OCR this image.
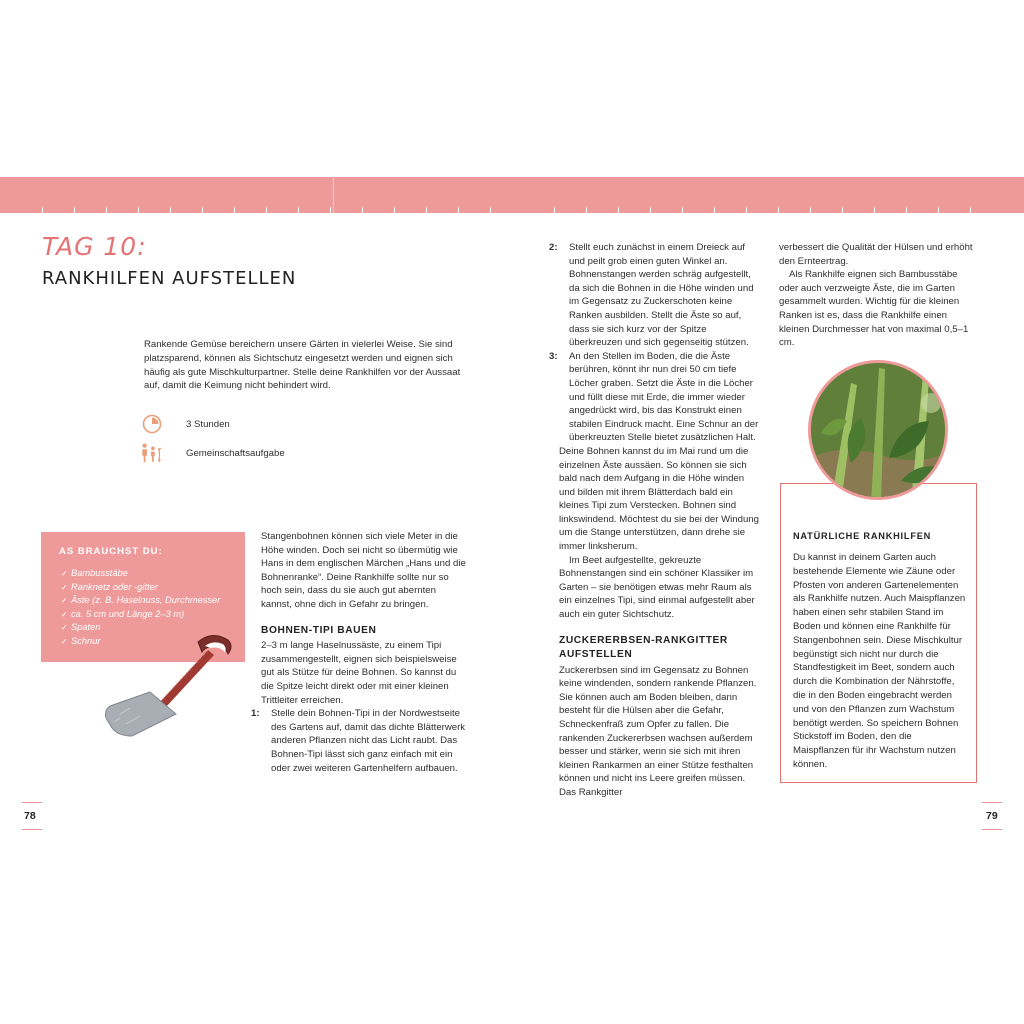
TAG 10:
RANKHILFEN AUFSTELLEN
Rankende Gemüse bereichern unsere Gärten in vielerlei Weise. Sie sind platzsparend, können als Sichtschutz eingesetzt werden und eignen sich häufig als gute Mischkulturpartner. Stelle deine Rankhilfen vor der Aussaat auf, damit die Keimung nicht behindert wird.
3 Stunden
Gemeinschaftsaufgabe
AS BRAUCHST DU:
✓ Bambusstäbe
✓ Ranknetz oder -gitter
✓ Äste (z. B. Haselnuss, Durchmesser
✓ ca. 5 cm und Länge 2–3 m)
✓ Spaten
✓ Schnur

Stangenbohnen können sich viele Meter in die Höhe winden. Doch sei nicht so übermütig wie Hans in dem englischen Märchen „Hans und die Bohnenranke“. Deine Rankhilfe sollte nur so hoch sein, dass du sie auch gut abernten kannst, ohne dich in Gefahr zu bringen.

BOHNEN-TIPI BAUEN

2–3 m lange Haselnussäste, zu einem Tipi zusammengestellt, eignen sich beispielsweise gut als Stütze für deine Bohnen. So kannst du die Spitze leicht direkt oder mit einer kleinen Trittleiter erreichen.

1: Stelle dein Bohnen-Tipi in der Nordwestseite des Gartens auf, damit das dichte Blätterwerk anderen Pflanzen nicht das Licht raubt. Das Bohnen-Tipi lässt sich ganz einfach mit ein oder zwei weiteren Gartenhelfern aufbauen.

78

2: Stellt euch zunächst in einem Dreieck auf und peilt grob einen guten Winkel an. Bohnenstangen werden schräg aufgestellt, da sich die Bohnen in die Höhe winden und im Gegensatz zu Zuckerschoten keine Ranken ausbilden. Stellt die Äste so auf, dass sie sich kurz vor der Spitze überkreuzen und sich gegenseitig stützen.

3: An den Stellen im Boden, die die Äste berühren, könnt ihr nun drei 50 cm tiefe Löcher graben. Setzt die Äste in die Löcher und füllt diese mit Erde, die immer wieder angedrückt wird, bis das Konstrukt einen stabilen Eindruck macht. Eine Schnur an der überkreuzten Stelle bietet zusätzlichen Halt.

Deine Bohnen kannst du im Mai rund um die einzelnen Äste aussäen. So können sie sich bald nach dem Aufgang in die Höhe winden und bilden mit ihrem Blätterdach bald ein kleines Tipi zum Verstecken. Bohnen sind linkswindend. Möchtest du sie bei der Windung um die Stange unterstützen, dann drehe sie immer linksherum.

Im Beet aufgestellte, gekreuzte Bohnenstangen sind ein schöner Klassiker im Garten – sie benötigen etwas mehr Raum als ein einzelnes Tipi, sind einmal aufgestellt aber auch ein guter Sichtschutz.

ZUCKERERBSEN-RANKGITTER AUFSTELLEN

Zuckererbsen sind im Gegensatz zu Bohnen keine windenden, sondern rankende Pflanzen. Sie können auch am Boden bleiben, dann besteht für die Hülsen aber die Gefahr, Schneckenfraß zum Opfer zu fallen. Die rankenden Zuckererbsen wachsen außerdem besser und stärker, wenn sie sich mit ihren kleinen Rankarmen an einer Stütze festhalten können und nicht ins Leere greifen müssen. Das Rankgitter

verbessert die Qualität der Hülsen und erhöht den Ernteertrag.

Als Rankhilfe eignen sich Bambusstäbe oder auch verzweigte Äste, die im Garten gesammelt wurden. Wichtig für die kleinen Ranken ist es, dass die Rankhilfe einen kleinen Durchmesser hat von maximal 0,5–1 cm.

NATÜRLICHE RANKHILFEN
Du kannst in deinem Garten auch bestehende Elemente wie Zäune oder Pfosten von anderen Gartenelementen als Rankhilfe nutzen. Auch Maispflanzen haben einen sehr stabilen Stand im Boden und können eine Rankhilfe für Stangenbohnen sein. Diese Mischkultur begünstigt sich nicht nur durch die Standfestigkeit im Beet, sondern auch durch die Kombination der Nährstoffe, die in den Boden eingebracht werden und von den Pflanzen zum Wachstum benötigt werden. So speichern Bohnen Stickstoff im Boden, den die Maispflanzen für ihr Wachstum nutzen können.
79
